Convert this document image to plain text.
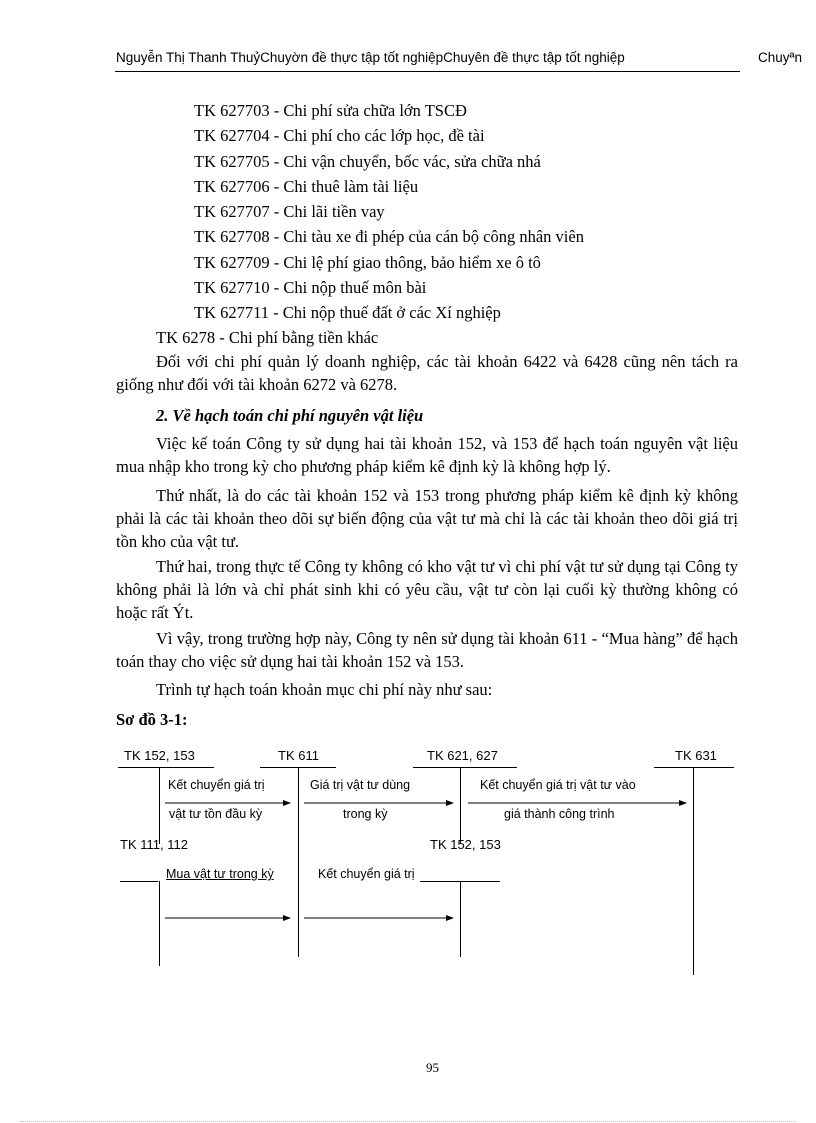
Nguyễn Thị Thanh ThuỷChuyờn đề thực tập tốt nghiệpChuyên đề thực tập tốt nghiệp	Chuyªn
TK 627703 - Chi phí sửa chữa lớn TSCĐ
TK 627704 - Chi phí cho các lớp học, đề tài
TK 627705 - Chi vận chuyển, bốc vác, sửa chữa nhá
TK 627706 - Chi thuê làm tài liệu
TK 627707 - Chi lãi tiền vay
TK 627708 - Chi tàu xe đi phép của cán bộ công nhân viên
TK 627709 - Chi lệ phí giao thông, bảo hiểm xe ô tô
TK 627710 - Chi nộp thuế môn bài
TK 627711 - Chi nộp thuế đất ở các Xí nghiệp
TK 6278 - Chi phí bằng tiền khác
Đối với chi phí quản lý doanh nghiệp, các tài khoản 6422 và 6428 cũng nên tách ra giống như đối với tài khoản 6272 và 6278.
2. Về hạch toán chi phí nguyên vật liệu
Việc kế toán Công ty sử dụng hai tài khoản 152, và 153 để hạch toán nguyên vật liệu mua nhập kho trong kỳ cho phương pháp kiểm kê định kỳ là không hợp lý.
Thứ nhất, là do các tài khoản 152 và 153 trong phương pháp kiểm kê định kỳ không phải là các tài khoản theo dõi sự biến động của vật tư mà chỉ là các tài khoản theo dõi giá trị tồn kho của vật tư.
Thứ hai, trong thực tế Công ty không có kho vật tư vì chi phí vật tư sử dụng tại Công ty không phải là lớn và chỉ phát sinh khi có yêu cầu, vật tư còn lại cuối kỳ thường không có hoặc rất Ýt.
Vì vậy, trong trường hợp này, Công ty nên sử dụng tài khoản 611 - “Mua hàng” để hạch toán thay cho việc sử dụng hai tài khoản 152 và 153.
Trình tự hạch toán khoản mục chi phí này như sau:
Sơ đồ 3-1:
TK 152, 153	TK 611	TK 621, 627	TK 631
Kết chuyển giá trị
vật tư tồn đầu kỳ
Giá trị vật tư dùng
trong kỳ
Kết chuyển giá trị vật tư vào
giá thành công trình
TK 111, 112	TK 152, 153
Mua vật tư trong kỳ	Kết chuyển giá trị
95
